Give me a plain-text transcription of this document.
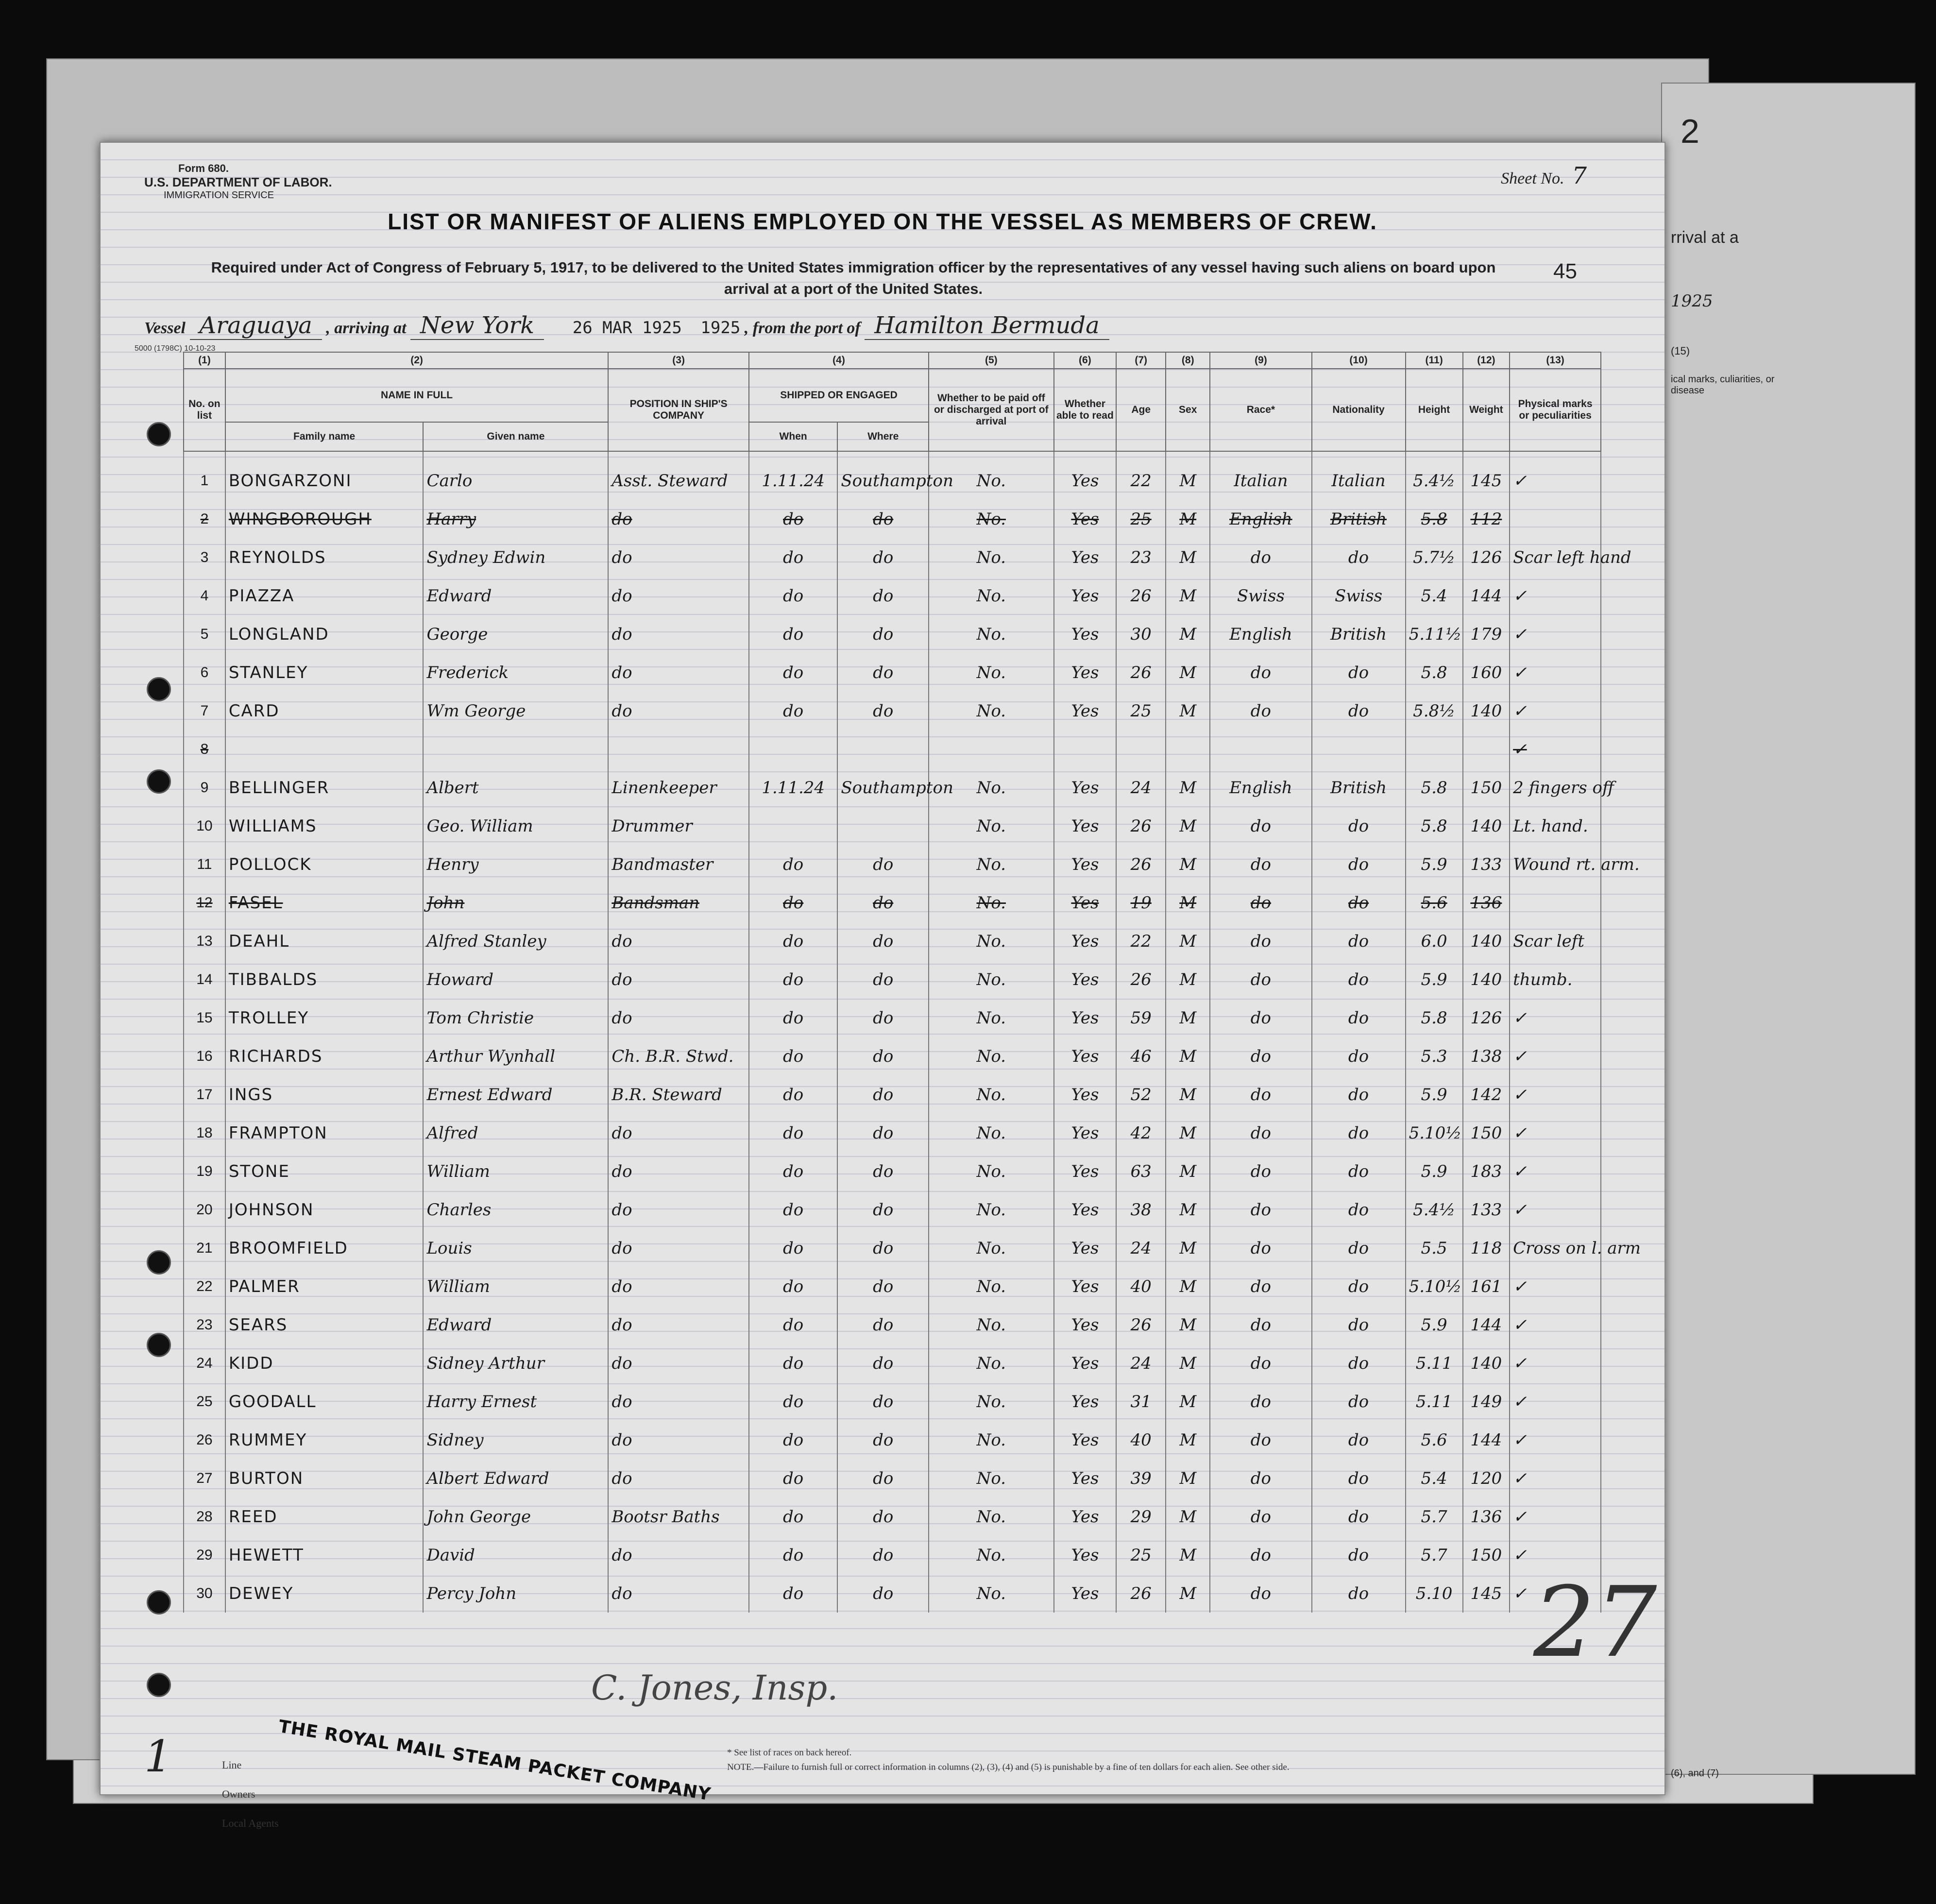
2
rrival at a
1925
(15)
ical marks, culiarities, or disease
(6), and (7)
Form 680.
U.S. DEPARTMENT OF LABOR.
IMMIGRATION SERVICE
Sheet No. 7
LIST OR MANIFEST OF ALIENS EMPLOYED ON THE VESSEL AS MEMBERS OF CREW.
Required under Act of Congress of February 5, 1917, to be delivered to the United States immigration officer by the representatives of any vessel having such aliens on board upon arrival at a port of the United States.
45
Vessel Araguaya , arriving at New York 26 MAR 1925 1925 , from the port of Hamilton Bermuda
5000 (1798C) 10-10-23
(1)	(2)		(3)	(4)		(5)	(6)	(7)	(8)	(9)	(10)	(11)	(12)	(13)
No. on list	NAME IN FULL		POSITION IN SHIP'S COMPANY	SHIPPED OR ENGAGED		Whether to be paid off or discharged at port of arrival	Whether able to read	Age	Sex	Race*	Nationality	Height	Weight	Physical marks or peculiarities
	Family name	Given name		When	Where									

1	BONGARZONI	Carlo	Asst. Steward	1.11.24	Southampton	No.	Yes	22	M	Italian	Italian	5.4½	145	✓
2	WINGBOROUGH	Harry	do	do	do	No.	Yes	25	M	English	British	5.8	112	
3	REYNOLDS	Sydney Edwin	do	do	do	No.	Yes	23	M	do	do	5.7½	126	Scar left hand
4	PIAZZA	Edward	do	do	do	No.	Yes	26	M	Swiss	Swiss	5.4	144	✓
5	LONGLAND	George	do	do	do	No.	Yes	30	M	English	British	5.11½	179	✓
6	STANLEY	Frederick	do	do	do	No.	Yes	26	M	do	do	5.8	160	✓
7	CARD	Wm George	do	do	do	No.	Yes	25	M	do	do	5.8½	140	✓
8														✓
9	BELLINGER	Albert	Linenkeeper	1.11.24	Southampton	No.	Yes	24	M	English	British	5.8	150	2 fingers off
10	WILLIAMS	Geo. William	Drummer			No.	Yes	26	M	do	do	5.8	140	Lt. hand.
11	POLLOCK	Henry	Bandmaster	do	do	No.	Yes	26	M	do	do	5.9	133	Wound rt. arm.
12	FASEL	John	Bandsman	do	do	No.	Yes	19	M	do	do	5.6	136	
13	DEAHL	Alfred Stanley	do	do	do	No.	Yes	22	M	do	do	6.0	140	Scar left
14	TIBBALDS	Howard	do	do	do	No.	Yes	26	M	do	do	5.9	140	thumb.
15	TROLLEY	Tom Christie	do	do	do	No.	Yes	59	M	do	do	5.8	126	✓
16	RICHARDS	Arthur Wynhall	Ch. B.R. Stwd.	do	do	No.	Yes	46	M	do	do	5.3	138	✓
17	INGS	Ernest Edward	B.R. Steward	do	do	No.	Yes	52	M	do	do	5.9	142	✓
18	FRAMPTON	Alfred	do	do	do	No.	Yes	42	M	do	do	5.10½	150	✓
19	STONE	William	do	do	do	No.	Yes	63	M	do	do	5.9	183	✓
20	JOHNSON	Charles	do	do	do	No.	Yes	38	M	do	do	5.4½	133	✓
21	BROOMFIELD	Louis	do	do	do	No.	Yes	24	M	do	do	5.5	118	Cross on l. arm
22	PALMER	William	do	do	do	No.	Yes	40	M	do	do	5.10½	161	✓
23	SEARS	Edward	do	do	do	No.	Yes	26	M	do	do	5.9	144	✓
24	KIDD	Sidney Arthur	do	do	do	No.	Yes	24	M	do	do	5.11	140	✓
25	GOODALL	Harry Ernest	do	do	do	No.	Yes	31	M	do	do	5.11	149	✓
26	RUMMEY	Sidney	do	do	do	No.	Yes	40	M	do	do	5.6	144	✓
27	BURTON	Albert Edward	do	do	do	No.	Yes	39	M	do	do	5.4	120	✓
28	REED	John George	Bootsr Baths	do	do	No.	Yes	29	M	do	do	5.7	136	✓
29	HEWETT	David	do	do	do	No.	Yes	25	M	do	do	5.7	150	✓
30	DEWEY	Percy John	do	do	do	No.	Yes	26	M	do	do	5.10	145	✓
C. Jones, Insp.
27
1	THE ROYAL MAIL STEAM PACKET COMPANY
Line
Owners
Local Agents
* See list of races on back hereof.
NOTE.—Failure to furnish full or correct information in columns (2), (3), (4) and (5) is punishable by a fine of ten dollars for each alien. See other side.
